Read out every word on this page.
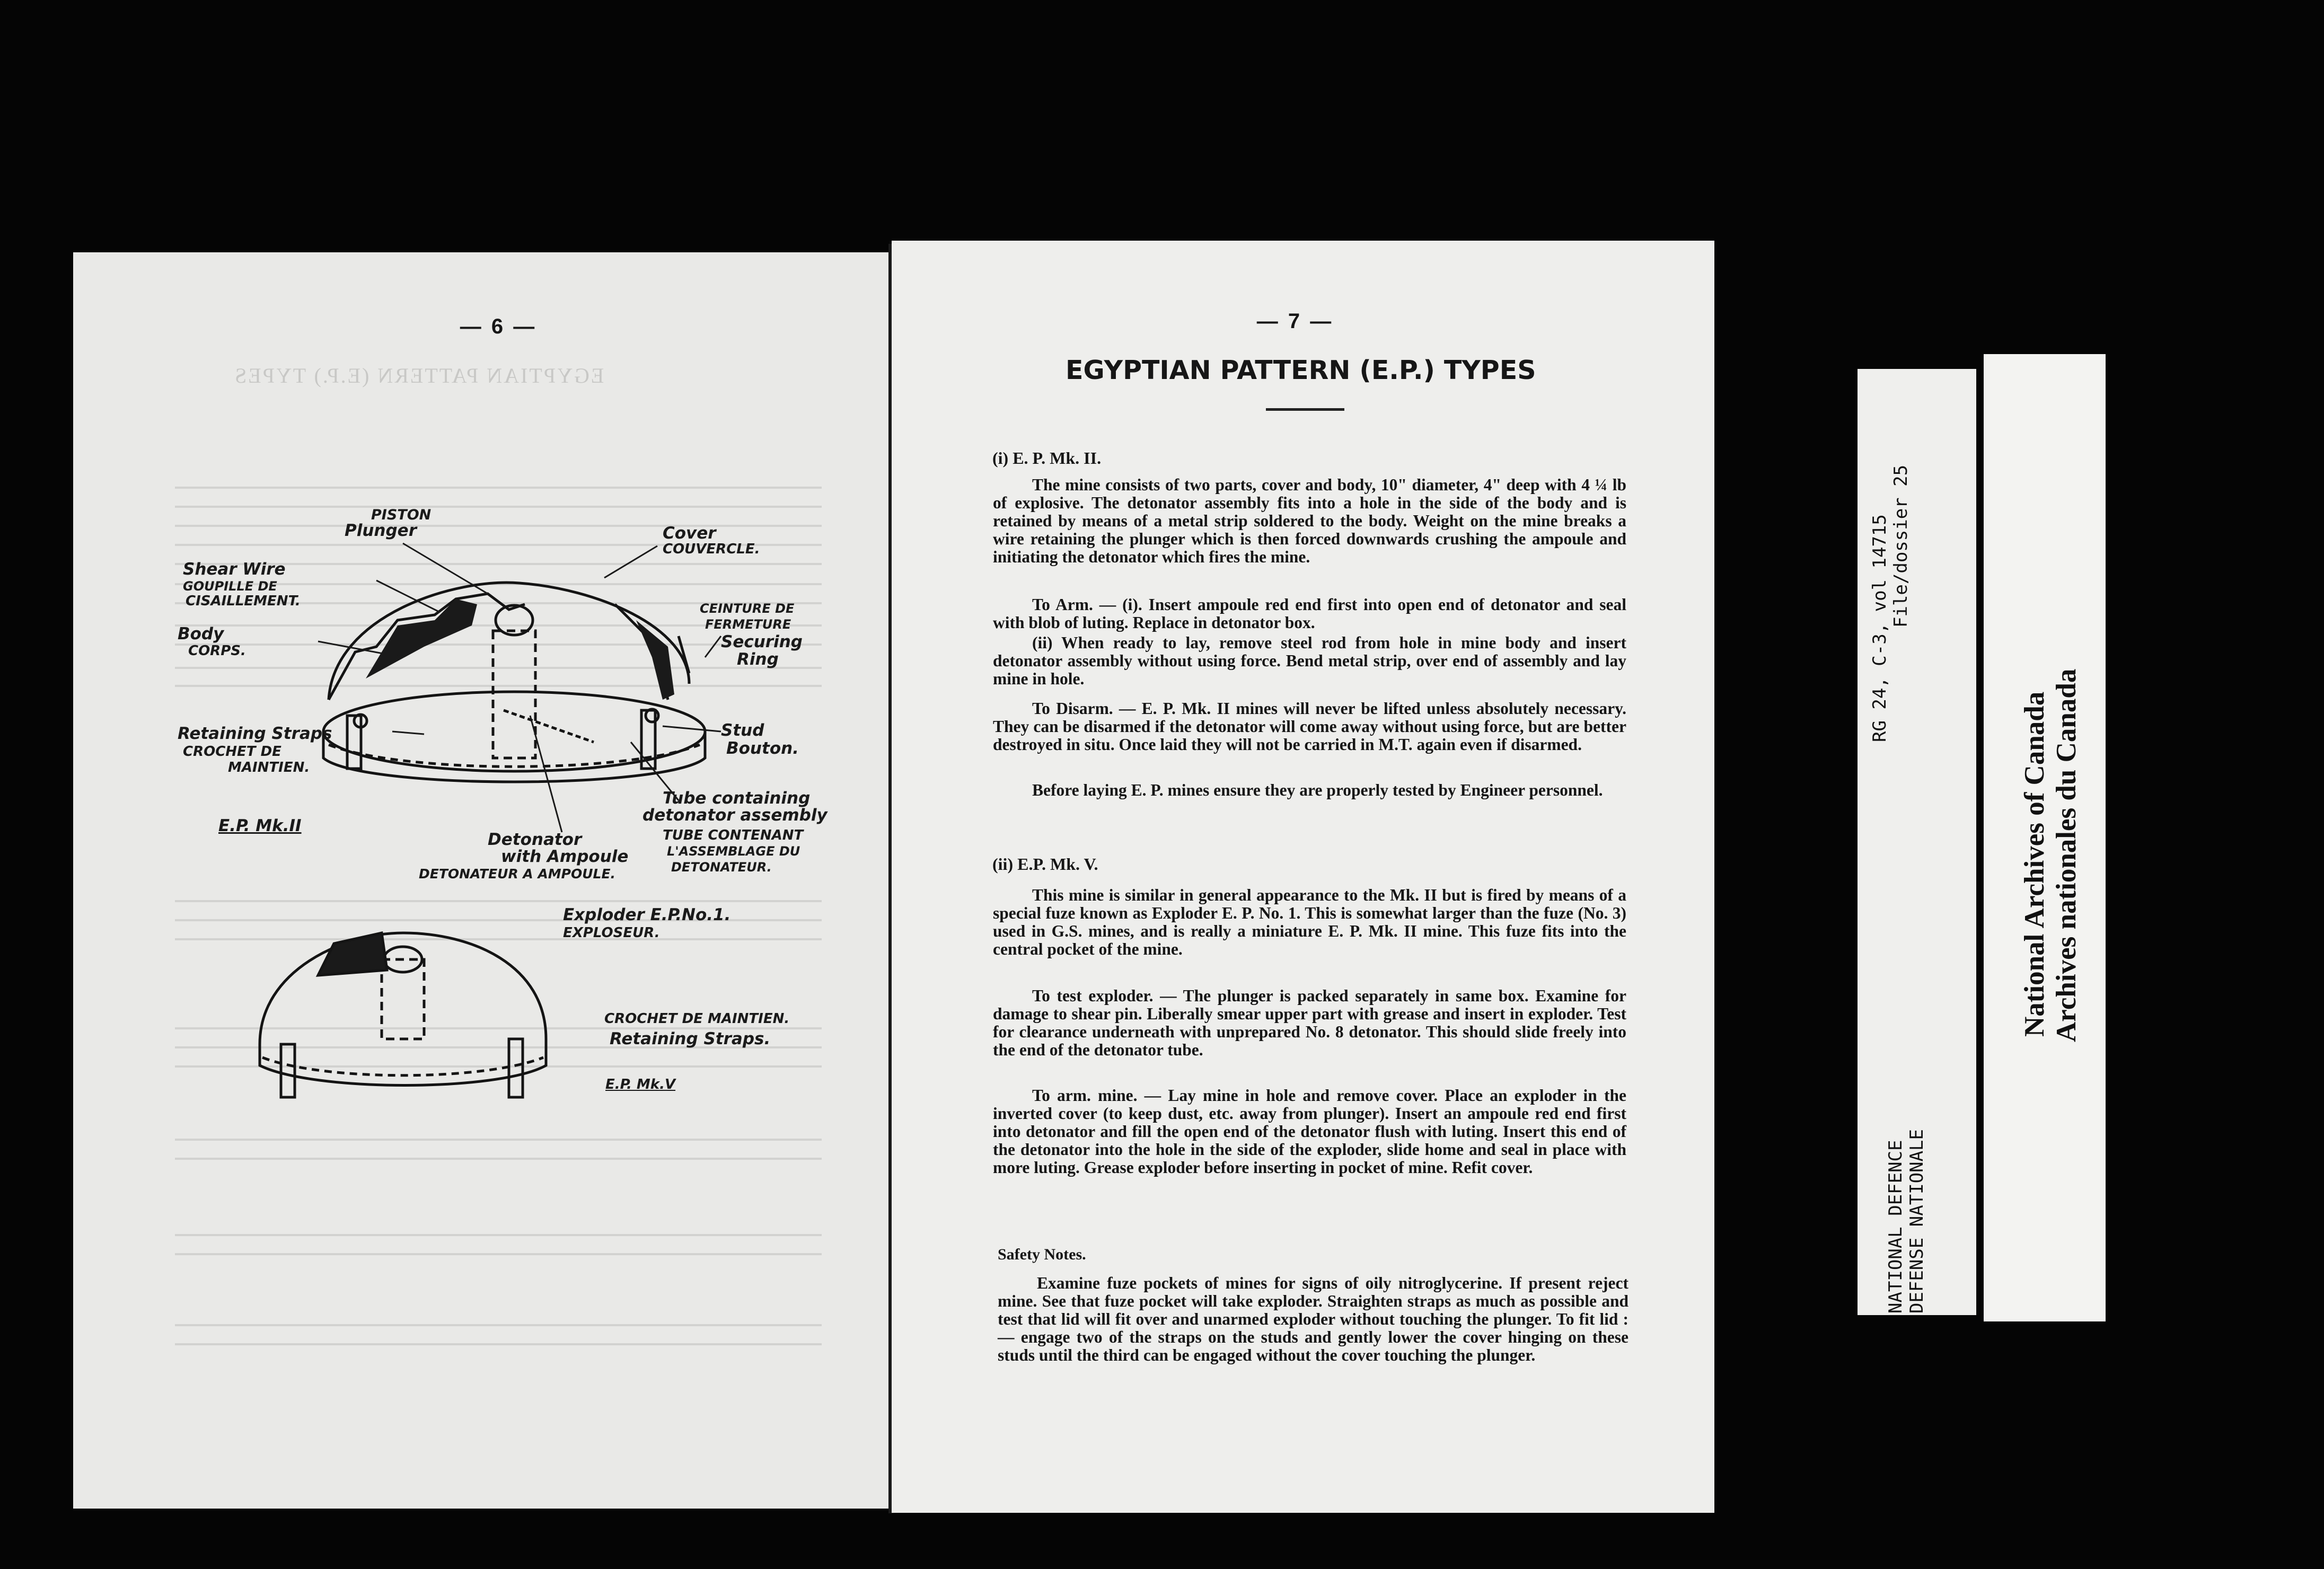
EGYPTIAN PATTERN (E.P.) TYPES
— 6 —
PISTON
Plunger	Cover
COUVERCLE.
Shear Wire
GOUPILLE DE
CISAILLEMENT.	CEINTURE DE
FERMETURE
Securing
Ring
Body
CORPS.
Retaining Straps
CROCHET DE
MAINTIEN.
Stud
Bouton.
Tube containing
detonator assembly
TUBE CONTENANT
L'ASSEMBLAGE DU
DETONATEUR.
Detonator
with Ampoule
DETONATEUR A AMPOULE.
E.P. Mk.II
Exploder E.P.No.1.
EXPLOSEUR.
CROCHET DE MAINTIEN.
Retaining Straps.
E.P. Mk.V
— 7 —
EGYPTIAN PATTERN (E.P.) TYPES
(i) E. P. Mk. II.

The mine consists of two parts, cover and body, 10" diameter, 4" deep with 4 ¼ lb of explosive. The detonator assembly fits into a hole in the side of the body and is retained by means of a metal strip soldered to the body. Weight on the mine breaks a wire retaining the plunger which is then forced downwards crushing the ampoule and initiating the detonator which fires the mine.

To Arm. — (i). Insert ampoule red end first into open end of detonator and seal with blob of luting. Replace in detonator box.

(ii) When ready to lay, remove steel rod from hole in mine body and insert detonator assembly without using force. Bend metal strip, over end of assembly and lay mine in hole.

To Disarm. — E. P. Mk. II mines will never be lifted unless absolutely necessary. They can be disarmed if the detonator will come away without using force, but are better destroyed in situ. Once laid they will not be carried in M.T. again even if disarmed.

Before laying E. P. mines ensure they are properly tested by Engineer personnel.

(ii) E.P. Mk. V.

This mine is similar in general appearance to the Mk. II but is fired by means of a special fuze known as Exploder E. P. No. 1. This is somewhat larger than the fuze (No. 3) used in G.S. mines, and is really a miniature E. P. Mk. II mine. This fuze fits into the central pocket of the mine.

To test exploder. — The plunger is packed separately in same box. Examine for damage to shear pin. Liberally smear upper part with grease and insert in exploder. Test for clearance underneath with unprepared No. 8 detonator. This should slide freely into the end of the detonator tube.

To arm. mine. — Lay mine in hole and remove cover. Place an exploder in the inverted cover (to keep dust, etc. away from plunger). Insert an ampoule red end first into detonator and fill the open end of the detonator flush with luting. Insert this end of the detonator into the hole in the side of the exploder, slide home and seal in place with more luting. Grease exploder before inserting in pocket of mine. Refit cover.

Safety Notes.

Examine fuze pockets of mines for signs of oily nitroglycerine. If present reject mine. See that fuze pocket will take exploder. Straighten straps as much as possible and test that lid will fit over and unarmed exploder without touching the plunger. To fit lid : — engage two of the straps on the studs and gently lower the cover hinging on these studs until the third can be engaged without the cover touching the plunger.

RG 24, C-3, vol 14715 File/dossier 25
NATIONAL DEFENCE DEFENSE NATIONALE
National Archives of Canada Archives nationales du Canada
